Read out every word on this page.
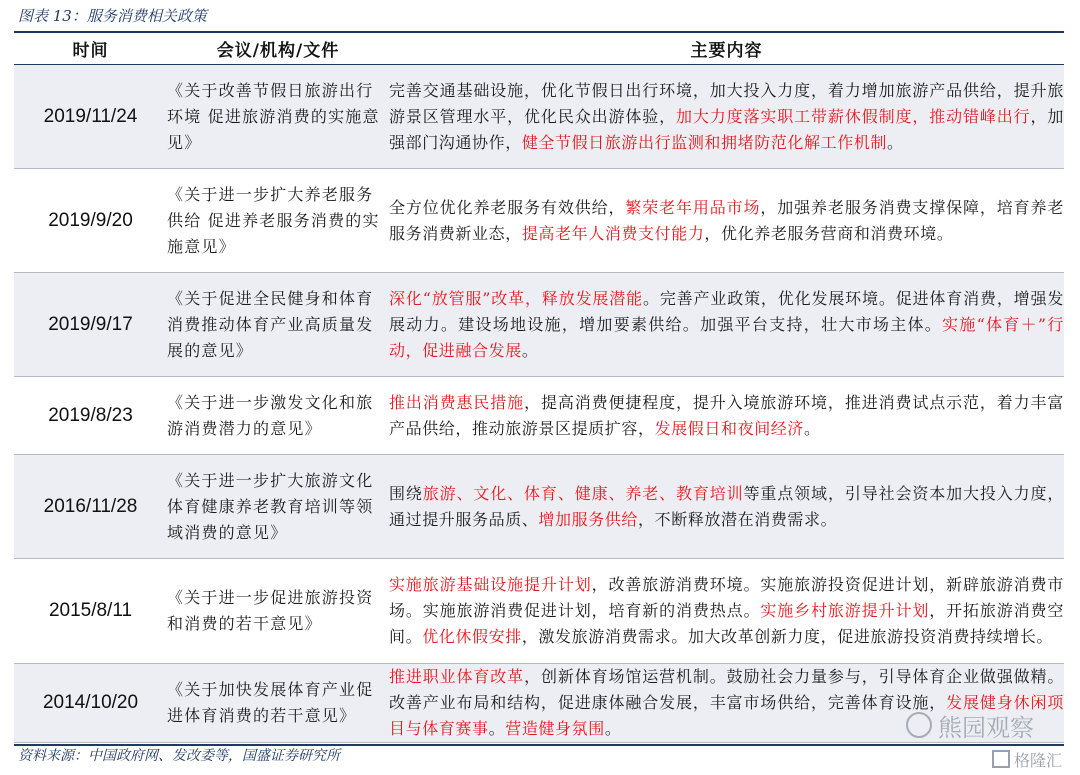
图表 13：服务消费相关政策
时间	会议/机构/文件	主要内容
2019/11/24	《关于改善节假日旅游出行环境 促进旅游消费的实施意见》	完善交通基础设施，优化节假日出行环境，加大投入力度，着力增加旅游产品供给，提升旅游景区管理水平，优化民众出游体验，加大力度落实职工带薪休假制度，推动错峰出行，加强部门沟通协作，健全节假日旅游出行监测和拥堵防范化解工作机制。
2019/9/20	《关于进一步扩大养老服务供给 促进养老服务消费的实施意见》	全方位优化养老服务有效供给，繁荣老年用品市场，加强养老服务消费支撑保障，培育养老服务消费新业态，提高老年人消费支付能力，优化养老服务营商和消费环境。
2019/9/17	《关于促进全民健身和体育消费推动体育产业高质量发展的意见》	深化“放管服”改革，释放发展潜能。完善产业政策，优化发展环境。促进体育消费，增强发展动力。建设场地设施，增加要素供给。加强平台支持，壮大市场主体。实施“体育＋”行动，促进融合发展。
2019/8/23	《关于进一步激发文化和旅游消费潜力的意见》	推出消费惠民措施，提高消费便捷程度，提升入境旅游环境，推进消费试点示范，着力丰富产品供给，推动旅游景区提质扩容，发展假日和夜间经济。
2016/11/28	《关于进一步扩大旅游文化体育健康养老教育培训等领域消费的意见》	围绕旅游、文化、体育、健康、养老、教育培训等重点领域，引导社会资本加大投入力度，通过提升服务品质、增加服务供给，不断释放潜在消费需求。
2015/8/11	《关于进一步促进旅游投资和消费的若干意见》	实施旅游基础设施提升计划，改善旅游消费环境。实施旅游投资促进计划，新辟旅游消费市场。实施旅游消费促进计划，培育新的消费热点。实施乡村旅游提升计划，开拓旅游消费空间。优化休假安排，激发旅游消费需求。加大改革创新力度，促进旅游投资消费持续增长。
2014/10/20	《关于加快发展体育产业促进体育消费的若干意见》	推进职业体育改革，创新体育场馆运营机制。鼓励社会力量参与，引导体育企业做强做精。改善产业布局和结构，促进康体融合发展，丰富市场供给，完善体育设施，发展健身休闲项目与体育赛事。营造健身氛围。
资料来源：中国政府网、发改委等，国盛证券研究所
熊园观察
格隆汇
